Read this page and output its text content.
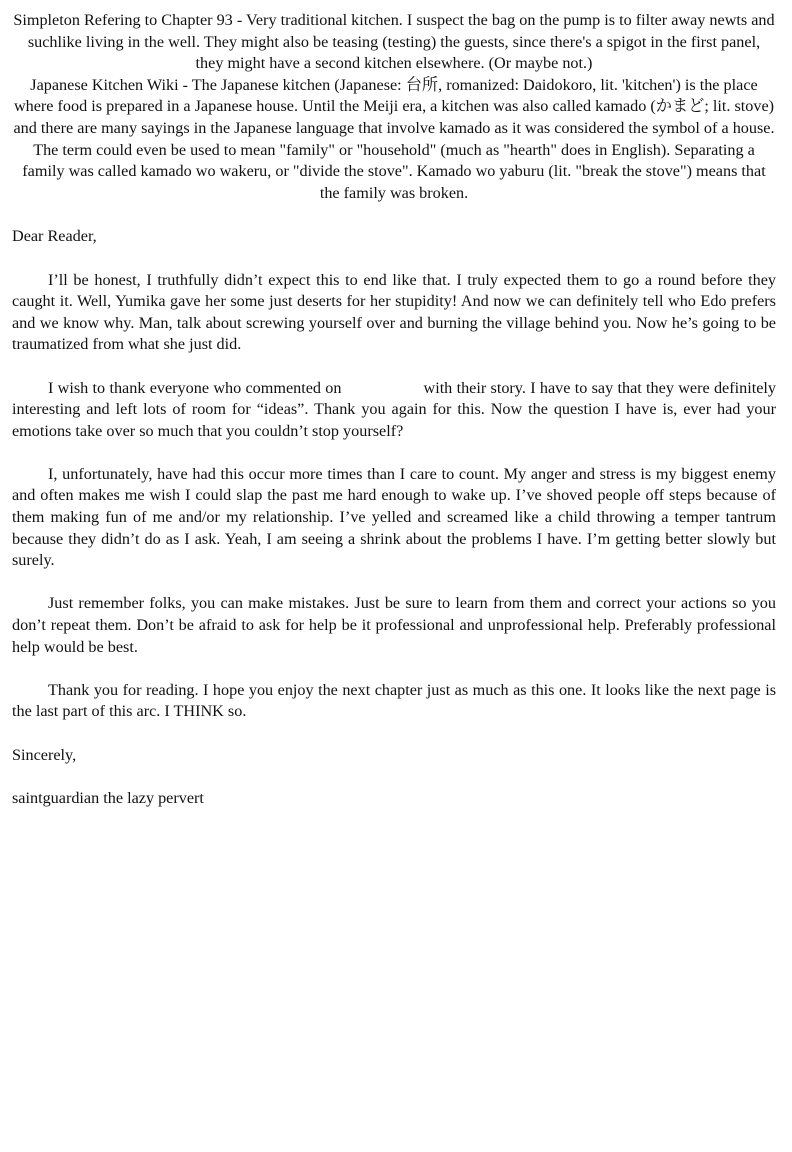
Simpleton Refering to Chapter 93 - Very traditional kitchen. I suspect the bag on the pump is to filter away newts and suchlike living in the well. They might also be teasing (testing) the guests, since there's a spigot in the first panel, they might have a second kitchen elsewhere. (Or maybe not.)

Japanese Kitchen Wiki - The Japanese kitchen (Japanese: 台所, romanized: Daidokoro, lit. 'kitchen') is the place where food is prepared in a Japanese house. Until the Meiji era, a kitchen was also called kamado (かまど; lit. stove) and there are many sayings in the Japanese language that involve kamado as it was considered the symbol of a house. The term could even be used to mean "family" or "household" (much as "hearth" does in English). Separating a family was called kamado wo wakeru, or "divide the stove". Kamado wo yaburu (lit. "break the stove") means that the family was broken.

Dear Reader,

I’ll be honest, I truthfully didn’t expect this to end like that. I truly expected them to go a round before they caught it. Well, Yumika gave her some just deserts for her stupidity! And now we can definitely tell who Edo prefers and we know why. Man, talk about screwing yourself over and burning the village behind you. Now he’s going to be traumatized from what she just did.

I wish to thank everyone who commented on	with their story. I have to say that they were definitely interesting and left lots of room for “ideas”. Thank you again for this. Now the question I have is, ever had your emotions take over so much that you couldn’t stop yourself?

I, unfortunately, have had this occur more times than I care to count. My anger and stress is my biggest enemy and often makes me wish I could slap the past me hard enough to wake up. I’ve shoved people off steps because of them making fun of me and/or my relationship. I’ve yelled and screamed like a child throwing a temper tantrum because they didn’t do as I ask. Yeah, I am seeing a shrink about the problems I have. I’m getting better slowly but surely.

Just remember folks, you can make mistakes. Just be sure to learn from them and correct your actions so you don’t repeat them. Don’t be afraid to ask for help be it professional and unprofessional help. Preferably professional help would be best.

Thank you for reading. I hope you enjoy the next chapter just as much as this one. It looks like the next page is the last part of this arc. I THINK so.

Sincerely,

saintguardian the lazy pervert
